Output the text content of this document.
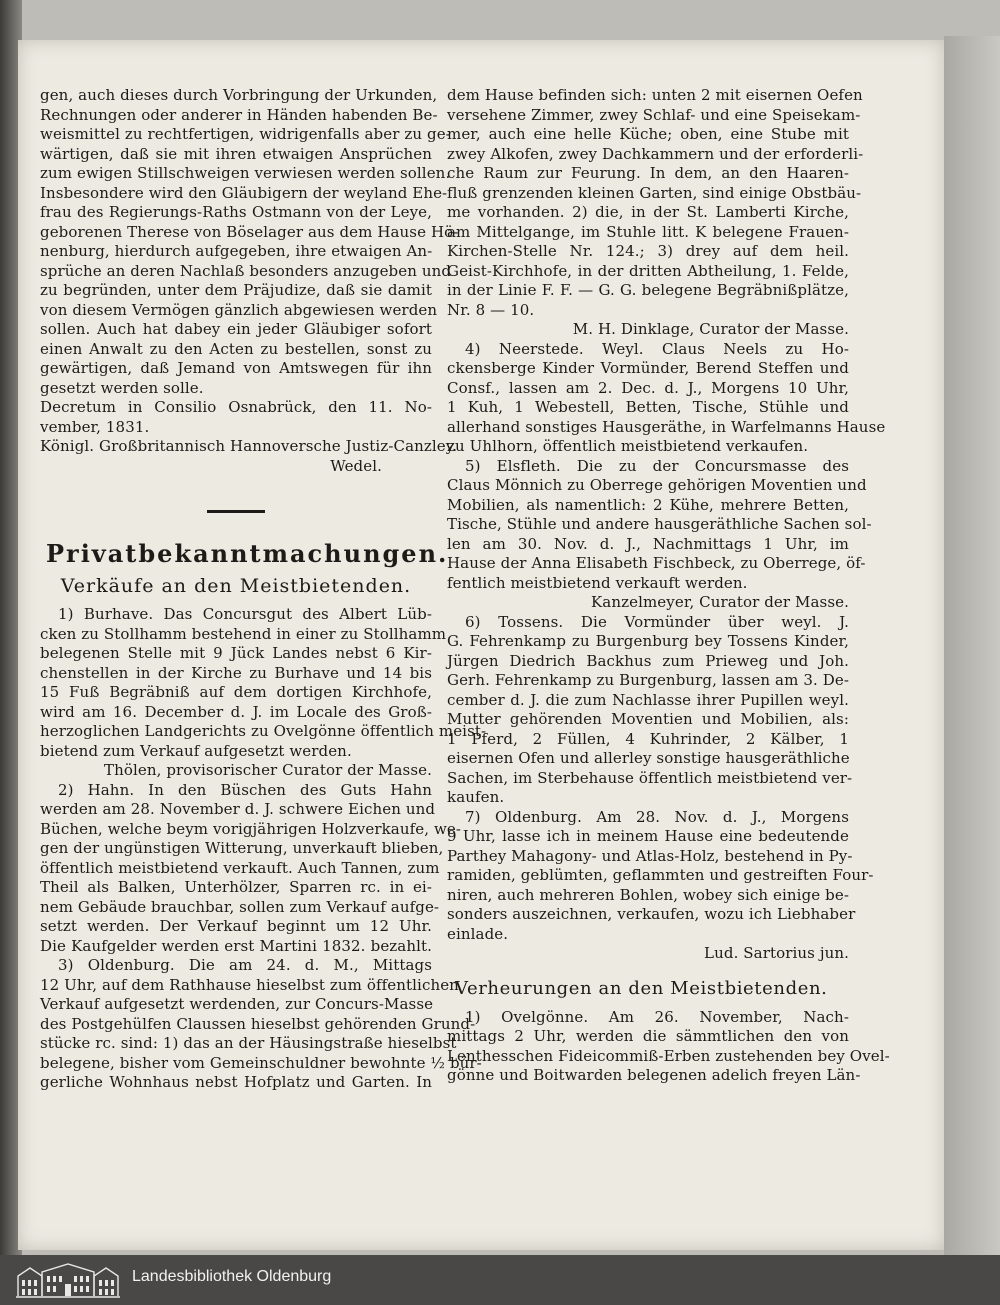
gen, auch dieses durch Vorbringung der Urkunden,
Rechnungen oder anderer in Händen habenden Be-
weismittel zu rechtfertigen, widrigenfalls aber zu ge-
wärtigen, daß sie mit ihren etwaigen Ansprüchen
zum ewigen Stillschweigen verwiesen werden sollen.
Insbesondere wird den Gläubigern der weyland Ehe-
frau des Regierungs-Raths Ostmann von der Leye,
geborenen Therese von Böselager aus dem Hause Hö-
nenburg, hierdurch aufgegeben, ihre etwaigen An-
sprüche an deren Nachlaß besonders anzugeben und
zu begründen, unter dem Präjudize, daß sie damit
von diesem Vermögen gänzlich abgewiesen werden
sollen. Auch hat dabey ein jeder Gläubiger sofort
einen Anwalt zu den Acten zu bestellen, sonst zu
gewärtigen, daß Jemand von Amtswegen für ihn
gesetzt werden solle.
Decretum in Consilio Osnabrück, den 11. No-
vember, 1831.
Königl. Großbritannisch Hannoversche Justiz-Canzley.
Wedel.
Privatbekanntmachungen.
Verkäufe an den Meistbietenden.
1) Burhave. Das Concursgut des Albert Lüb-
cken zu Stollhamm bestehend in einer zu Stollhamm
belegenen Stelle mit 9 Jück Landes nebst 6 Kir-
chenstellen in der Kirche zu Burhave und 14 bis
15 Fuß Begräbniß auf dem dortigen Kirchhofe,
wird am 16. December d. J. im Locale des Groß-
herzoglichen Landgerichts zu Ovelgönne öffentlich meist-
bietend zum Verkauf aufgesetzt werden.
Thölen, provisorischer Curator der Masse.
2) Hahn. In den Büschen des Guts Hahn
werden am 28. November d. J. schwere Eichen und
Büchen, welche beym vorigjährigen Holzverkaufe, we-
gen der ungünstigen Witterung, unverkauft blieben,
öffentlich meistbietend verkauft. Auch Tannen, zum
Theil als Balken, Unterhölzer, Sparren rc. in ei-
nem Gebäude brauchbar, sollen zum Verkauf aufge-
setzt werden. Der Verkauf beginnt um 12 Uhr.
Die Kaufgelder werden erst Martini 1832. bezahlt.
3) Oldenburg. Die am 24. d. M., Mittags
12 Uhr, auf dem Rathhause hieselbst zum öffentlichen
Verkauf aufgesetzt werdenden, zur Concurs-Masse
des Postgehülfen Claussen hieselbst gehörenden Grund-
stücke rc. sind: 1) das an der Häusingstraße hieselbst
belegene, bisher vom Gemeinschuldner bewohnte ½ bür-
gerliche Wohnhaus nebst Hofplatz und Garten. In
dem Hause befinden sich: unten 2 mit eisernen Oefen
versehene Zimmer, zwey Schlaf- und eine Speisekam-
mer, auch eine helle Küche; oben, eine Stube mit
zwey Alkofen, zwey Dachkammern und der erforderli-
che Raum zur Feurung. In dem, an den Haaren-
fluß grenzenden kleinen Garten, sind einige Obstbäu-
me vorhanden. 2) die, in der St. Lamberti Kirche,
am Mittelgange, im Stuhle litt. K belegene Frauen-
Kirchen-Stelle Nr. 124.; 3) drey auf dem heil.
Geist-Kirchhofe, in der dritten Abtheilung, 1. Felde,
in der Linie F. F. — G. G. belegene Begräbnißplätze,
Nr. 8 — 10.
M. H. Dinklage, Curator der Masse.
4) Neerstede. Weyl. Claus Neels zu Ho-
ckensberge Kinder Vormünder, Berend Steffen und
Consf., lassen am 2. Dec. d. J., Morgens 10 Uhr,
1 Kuh, 1 Webestell, Betten, Tische, Stühle und
allerhand sonstiges Hausgeräthe, in Warfelmanns Hause
zu Uhlhorn, öffentlich meistbietend verkaufen.
5) Elsfleth. Die zu der Concursmasse des
Claus Mönnich zu Oberrege gehörigen Moventien und
Mobilien, als namentlich: 2 Kühe, mehrere Betten,
Tische, Stühle und andere hausgeräthliche Sachen sol-
len am 30. Nov. d. J., Nachmittags 1 Uhr, im
Hause der Anna Elisabeth Fischbeck, zu Oberrege, öf-
fentlich meistbietend verkauft werden.
Kanzelmeyer, Curator der Masse.
6) Tossens. Die Vormünder über weyl. J.
G. Fehrenkamp zu Burgenburg bey Tossens Kinder,
Jürgen Diedrich Backhus zum Prieweg und Joh.
Gerh. Fehrenkamp zu Burgenburg, lassen am 3. De-
cember d. J. die zum Nachlasse ihrer Pupillen weyl.
Mutter gehörenden Moventien und Mobilien, als:
1 Pferd, 2 Füllen, 4 Kuhrinder, 2 Kälber, 1
eisernen Ofen und allerley sonstige hausgeräthliche
Sachen, im Sterbehause öffentlich meistbietend ver-
kaufen.
7) Oldenburg. Am 28. Nov. d. J., Morgens
9 Uhr, lasse ich in meinem Hause eine bedeutende
Parthey Mahagony- und Atlas-Holz, bestehend in Py-
ramiden, geblümten, geflammten und gestreiften Four-
niren, auch mehreren Bohlen, wobey sich einige be-
sonders auszeichnen, verkaufen, wozu ich Liebhaber
einlade.
Lud. Sartorius jun.
Verheurungen an den Meistbietenden.
1) Ovelgönne. Am 26. November, Nach-
mittags 2 Uhr, werden die sämmtlichen den von
Lenthesschen Fideicommiß-Erben zustehenden bey Ovel-
gönne und Boitwarden belegenen adelich freyen Län-
Landesbibliothek Oldenburg
